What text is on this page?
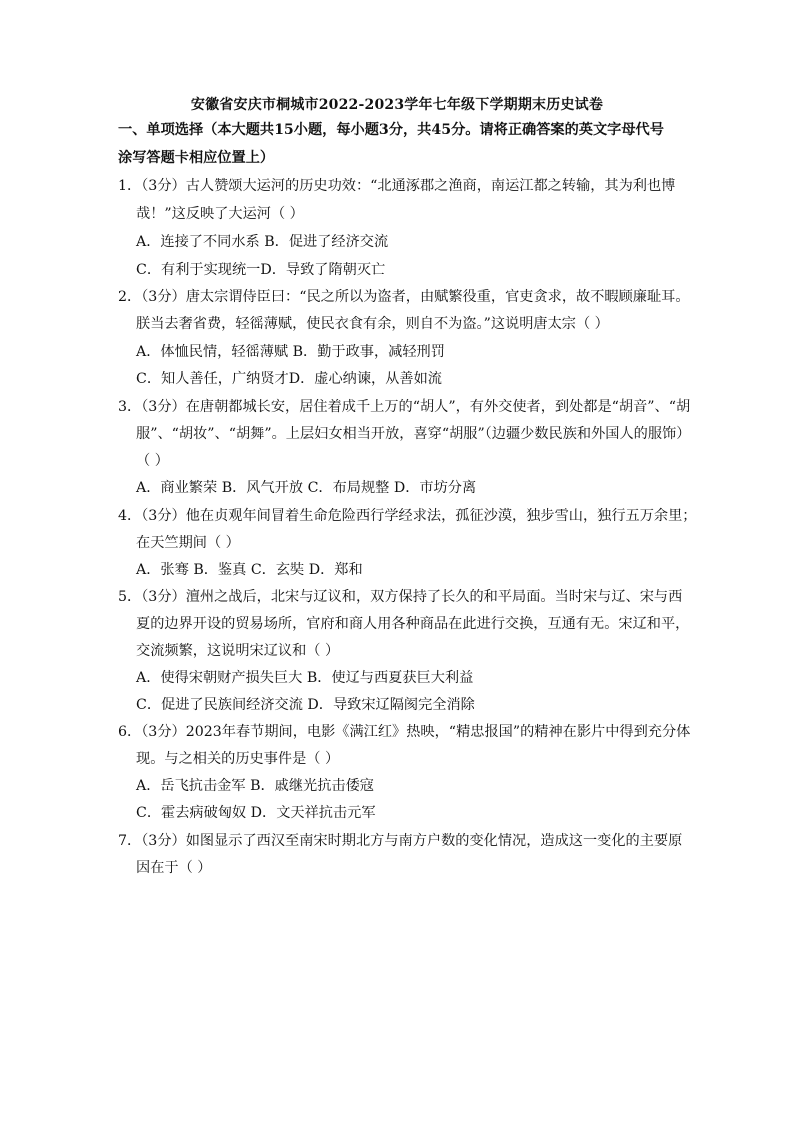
安徽省安庆市桐城市2022-2023学年七年级下学期期末历史试卷
一、单项选择（本大题共15小题，每小题3分，共45分。请将正确答案的英文字母代号
涂写答题卡相应位置上）
1．（3分）古人赞颂大运河的历史功效：“北通涿郡之渔商，南运江都之转输，其为利也博
哉！”这反映了大运河（ ）
A．连接了不同水系 B．促进了经济交流
C．有利于实现统一D．导致了隋朝灭亡
2．（3分）唐太宗谓侍臣曰：“民之所以为盗者，由赋繁役重，官吏贪求，故不暇顾廉耻耳。
朕当去奢省费，轻徭薄赋，使民衣食有余，则自不为盗。”这说明唐太宗（ ）
A．体恤民情，轻徭薄赋 B．勤于政事，减轻刑罚
C．知人善任，广纳贤才D．虚心纳谏，从善如流
3．（3分）在唐朝都城长安，居住着成千上万的“胡人”，有外交使者，到处都是“胡音”、“胡
服”、“胡妆”、“胡舞”。上层妇女相当开放，喜穿“胡服”（边疆少数民族和外国人的服饰）
（ ）
A．商业繁荣 B．风气开放 C．布局规整 D．市坊分离
4．（3分）他在贞观年间冒着生命危险西行学经求法，孤征沙漠，独步雪山，独行五万余里；
在天竺期间（ ）
A．张骞 B．鉴真 C．玄奘 D．郑和
5．（3分）澶州之战后，北宋与辽议和，双方保持了长久的和平局面。当时宋与辽、宋与西
夏的边界开设的贸易场所，官府和商人用各种商品在此进行交换，互通有无。宋辽和平，
交流频繁，这说明宋辽议和（ ）
A．使得宋朝财产损失巨大 B．使辽与西夏获巨大利益
C．促进了民族间经济交流 D．导致宋辽隔阂完全消除
6．（3分）2023年春节期间，电影《满江红》热映，“精忠报国”的精神在影片中得到充分体
现。与之相关的历史事件是（ ）
A．岳飞抗击金军 B．戚继光抗击倭寇
C．霍去病破匈奴 D．文天祥抗击元军
7．（3分）如图显示了西汉至南宋时期北方与南方户数的变化情况，造成这一变化的主要原
因在于（ ）
